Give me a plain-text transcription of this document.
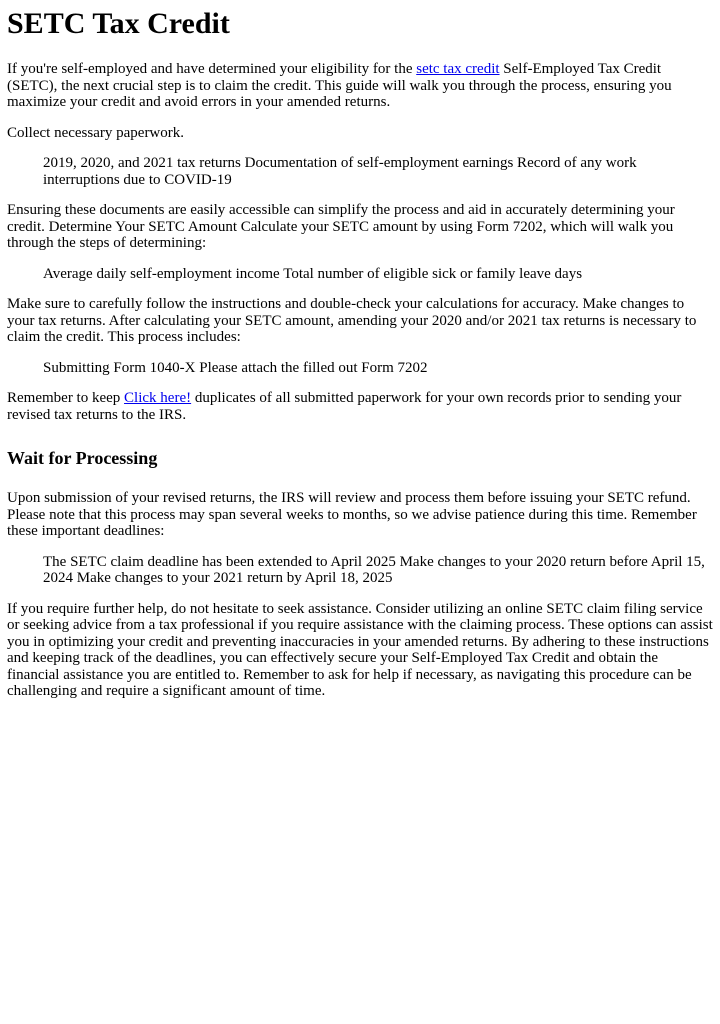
SETC Tax Credit

If you're self-employed and have determined your eligibility for the setc tax credit Self-Employed Tax Credit (SETC), the next crucial step is to claim the credit. This guide will walk you through the process, ensuring you maximize your credit and avoid errors in your amended returns.

Collect necessary paperwork.

2019, 2020, and 2021 tax returns Documentation of self-employment earnings Record of any work interruptions due to COVID-19

Ensuring these documents are easily accessible can simplify the process and aid in accurately determining your credit. Determine Your SETC Amount Calculate your SETC amount by using Form 7202, which will walk you through the steps of determining:

Average daily self-employment income Total number of eligible sick or family leave days

Make sure to carefully follow the instructions and double-check your calculations for accuracy. Make changes to your tax returns. After calculating your SETC amount, amending your 2020 and/or 2021 tax returns is necessary to claim the credit. This process includes:

Submitting Form 1040-X Please attach the filled out Form 7202

Remember to keep Click here! duplicates of all submitted paperwork for your own records prior to sending your revised tax returns to the IRS.

Wait for Processing

Upon submission of your revised returns, the IRS will review and process them before issuing your SETC refund. Please note that this process may span several weeks to months, so we advise patience during this time. Remember these important deadlines:

The SETC claim deadline has been extended to April 2025 Make changes to your 2020 return before April 15, 2024 Make changes to your 2021 return by April 18, 2025

If you require further help, do not hesitate to seek assistance. Consider utilizing an online SETC claim filing service or seeking advice from a tax professional if you require assistance with the claiming process. These options can assist you in optimizing your credit and preventing inaccuracies in your amended returns. By adhering to these instructions and keeping track of the deadlines, you can effectively secure your Self-Employed Tax Credit and obtain the financial assistance you are entitled to. Remember to ask for help if necessary, as navigating this procedure can be challenging and require a significant amount of time.
